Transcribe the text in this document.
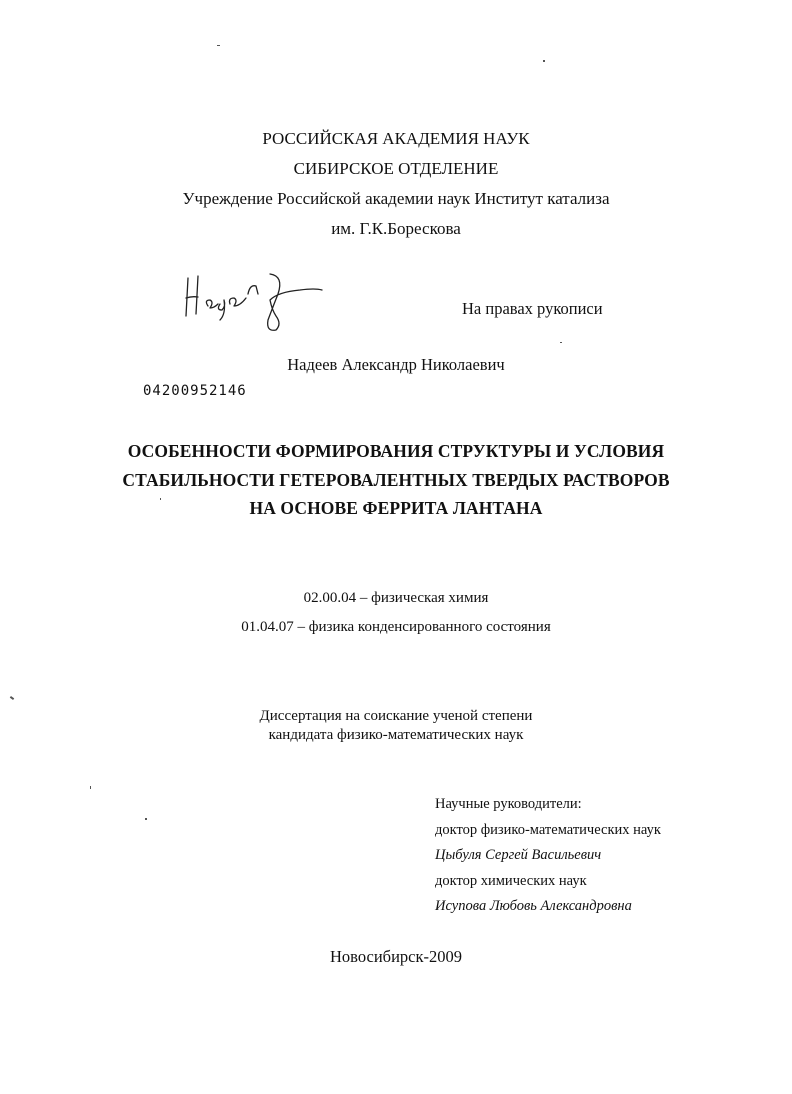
РОССИЙСКАЯ АКАДЕМИЯ НАУК
СИБИРСКОЕ ОТДЕЛЕНИЕ
Учреждение Российской академии наук Институт катализа
им. Г.К.Борескова
На правах рукописи
Надеев Александр Николаевич
04200952146
ОСОБЕННОСТИ ФОРМИРОВАНИЯ СТРУКТУРЫ И УСЛОВИЯ
СТАБИЛЬНОСТИ ГЕТЕРОВАЛЕНТНЫХ ТВЕРДЫХ РАСТВОРОВ
НА ОСНОВЕ ФЕРРИТА ЛАНТАНА
02.00.04 – физическая химия
01.04.07 – физика конденсированного состояния
Диссертация на соискание ученой степени
кандидата физико-математических наук
Научные руководители:
доктор физико-математических наук
Цыбуля Сергей Васильевич
доктор химических наук
Исупова Любовь Александровна
Новосибирск-2009
